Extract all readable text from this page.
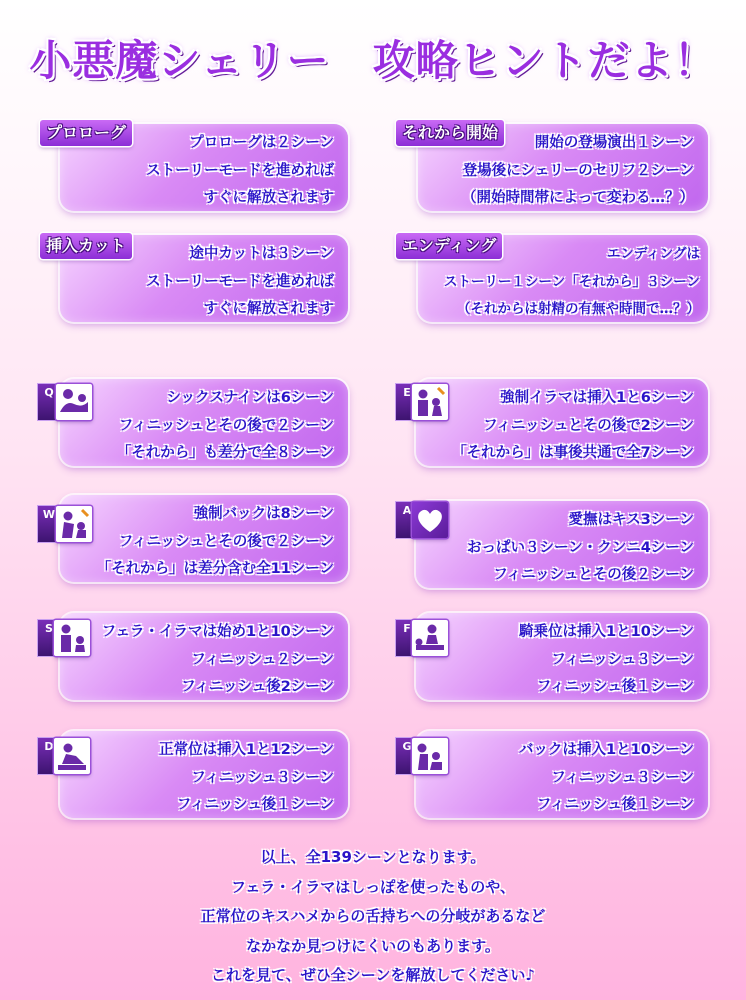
小悪魔シェリー　攻略ヒントだよ！
プロローグは２シーン
ストーリーモードを進めれば
すぐに解放されます
プロローグ
開始の登場演出１シーン
登場後にシェリーのセリフ２シーン
（開始時間帯によって変わる…？）
それから開始
途中カットは３シーン
ストーリーモードを進めれば
すぐに解放されます
挿入カット	エンディングは
ストーリー１シーン「それから」３シーン
（それからは射精の有無や時間で…？）
エンディング
シックスナインは6シーン
フィニッシュとその後で２シーン
「それから」も差分で全８シーン
Q	強制イラマは挿入1と6シーン
フィニッシュとその後で2シーン
「それから」は事後共通で全7シーン
E
強制バックは8シーン
フィニッシュとその後で２シーン
「それから」は差分含む全11シーン
W	愛撫はキス3シーン
おっぱい３シーン・クンニ4シーン
フィニッシュとその後２シーン
A
フェラ・イラマは始め1と10シーン
フィニッシュ２シーン
フィニッシュ後2シーン
S	騎乗位は挿入1と10シーン
フィニッシュ３シーン
フィニッシュ後１シーン
F
正常位は挿入1と12シーン
フィニッシュ３シーン
フィニッシュ後１シーン
D	バックは挿入1と10シーン
フィニッシュ３シーン
フィニッシュ後１シーン
G
以上、全139シーンとなります。
フェラ・イラマはしっぽを使ったものや、
正常位のキスハメからの舌持ちへの分岐があるなど
なかなか見つけにくいのもあります。
これを見て、ぜひ全シーンを解放してください♪
